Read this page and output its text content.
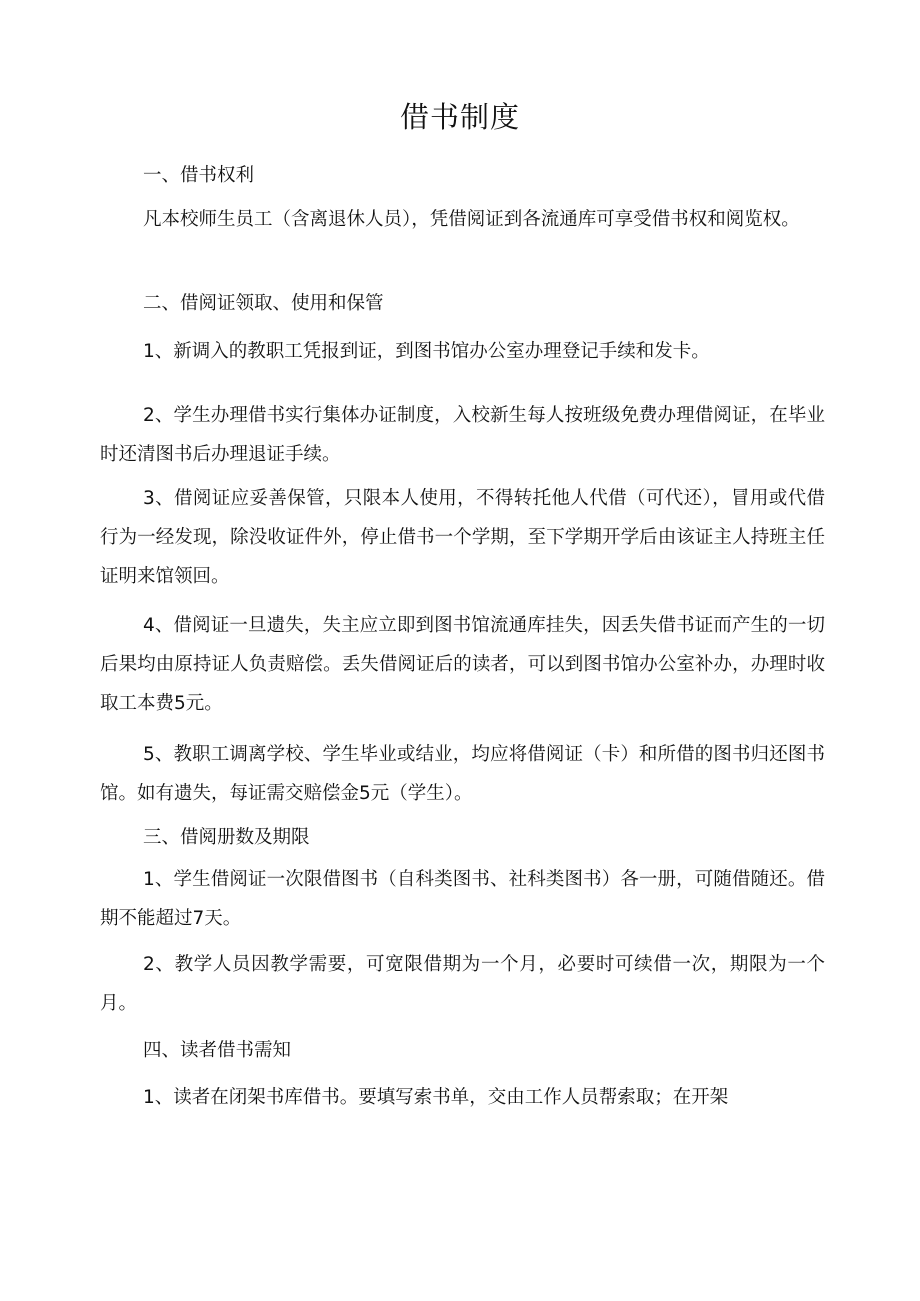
借书制度
一、借书权利
凡本校师生员工（含离退休人员），凭借阅证到各流通库可享受借书权和阅览权。
二、借阅证领取、使用和保管
1、新调入的教职工凭报到证，到图书馆办公室办理登记手续和发卡。
2、学生办理借书实行集体办证制度，入校新生每人按班级免费办理借阅证，在毕业时还清图书后办理退证手续。
3、借阅证应妥善保管，只限本人使用，不得转托他人代借（可代还），冒用或代借行为一经发现，除没收证件外，停止借书一个学期，至下学期开学后由该证主人持班主任证明来馆领回。
4、借阅证一旦遗失，失主应立即到图书馆流通库挂失，因丢失借书证而产生的一切后果均由原持证人负责赔偿。丢失借阅证后的读者，可以到图书馆办公室补办，办理时收取工本费5元。
5、教职工调离学校、学生毕业或结业，均应将借阅证（卡）和所借的图书归还图书馆。如有遗失，每证需交赔偿金5元（学生）。
三、借阅册数及期限
1、学生借阅证一次限借图书（自科类图书、社科类图书）各一册，可随借随还。借期不能超过7天。
2、教学人员因教学需要，可宽限借期为一个月，必要时可续借一次，期限为一个月。
四、读者借书需知
1、读者在闭架书库借书。要填写索书单，交由工作人员帮索取；在开架
